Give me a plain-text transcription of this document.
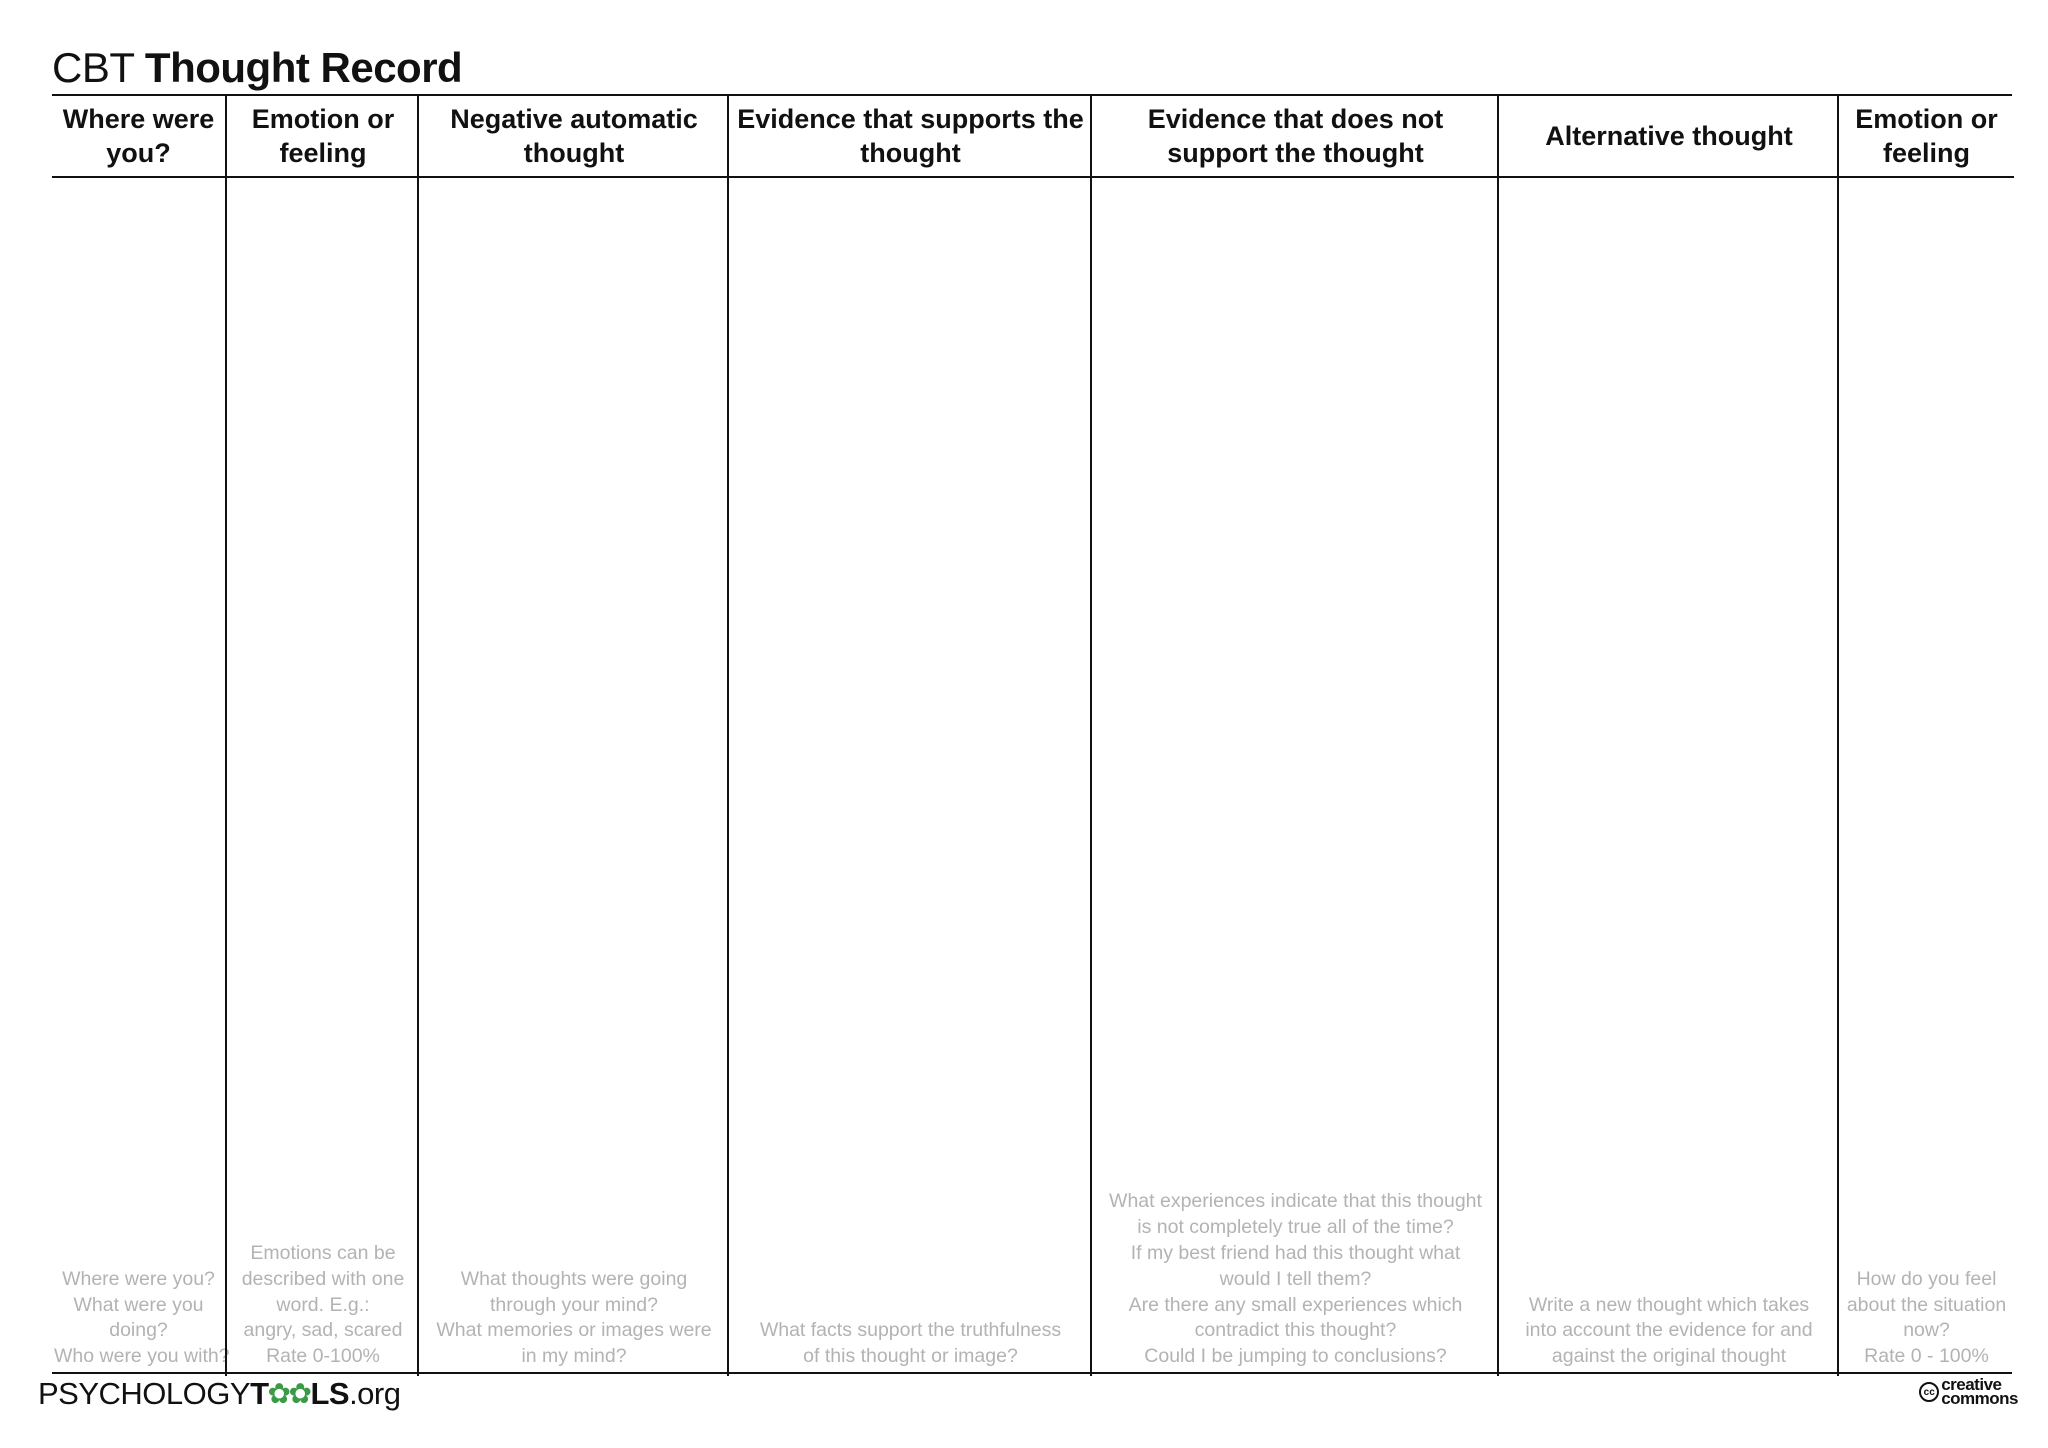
CBT Thought Record
Where were you?
Where were you?
What were you
doing?
Who were you with?
Emotion or feeling
Emotions can be
described with one
word. E.g.:
angry, sad, scared
Rate 0-100%
Negative automatic thought
What thoughts were going
through your mind?
What memories or images were
in my mind?
Evidence that supports the thought
What facts support the truthfulness
of this thought or image?
Evidence that does not support the thought
What experiences indicate that this thought
is not completely true all of the time?
If my best friend had this thought what
would I tell them?
Are there any small experiences which
contradict this thought?
Could I be jumping to conclusions?
Alternative thought
Write a new thought which takes
into account the evidence for and
against the original thought
Emotion or feeling
How do you feel
about the situation
now?
Rate 0 - 100%
PSYCHOLOGY T ✿
✿ LS .org	cc creative
commons
